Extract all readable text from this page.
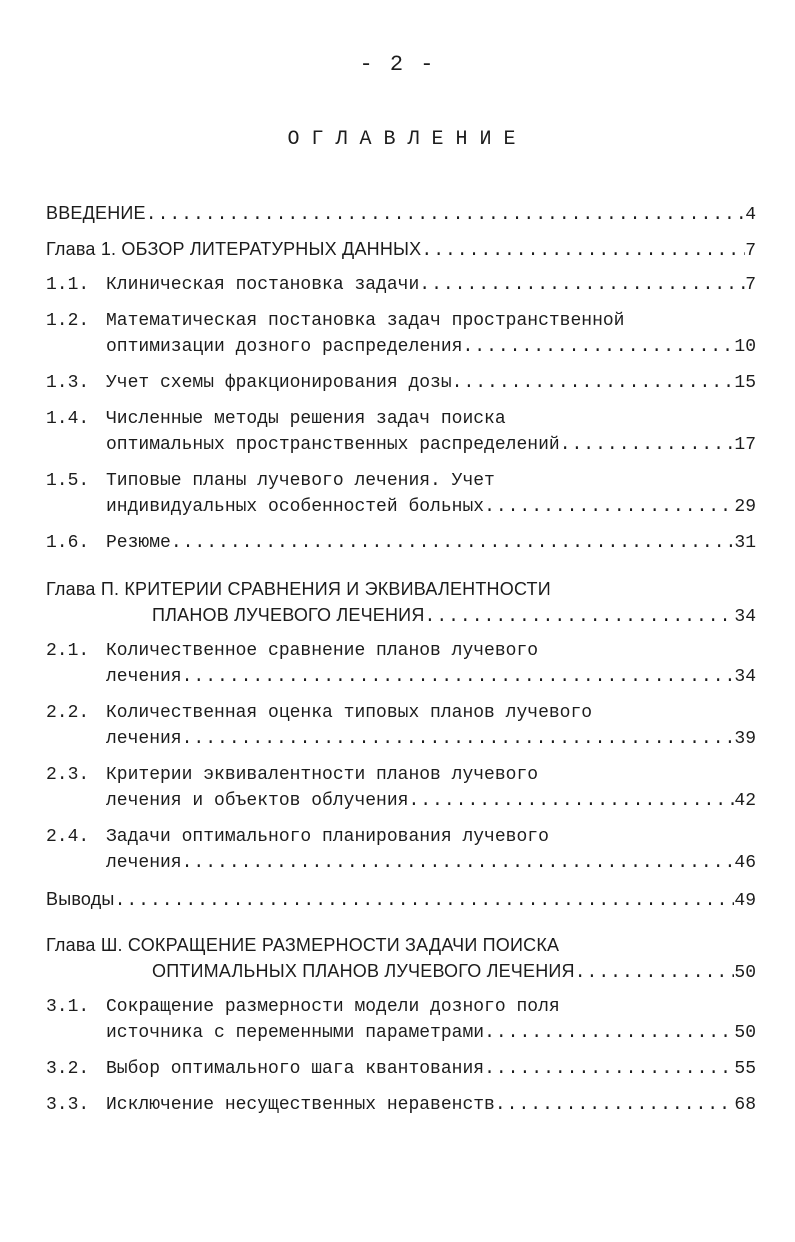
- 2 -
ОГЛАВЛЕНИЕ
ВВЕДЕНИЕ .....	4
Глава 1. ОБЗОР ЛИТЕРАТУРНЫХ ДАННЫХ .....	7
1.1. Клиническая постановка задачи .....	7
1.2. Математическая постановка задач пространственной
оптимизации дозного распределения .....	10
1.3. Учет схемы фракционирования дозы .....	15
1.4. Численные методы решения задач поиска
оптимальных пространственных распределений .....	17
1.5. Типовые планы лучевого лечения. Учет
индивидуальных особенностей больных .....	29
1.6. Резюме .....	31
Глава П. КРИТЕРИИ СРАВНЕНИЯ И ЭКВИВАЛЕНТНОСТИ
ПЛАНОВ ЛУЧЕВОГО ЛЕЧЕНИЯ .....	34
2.1. Количественное сравнение планов лучевого
лечения .....	34
2.2. Количественная оценка типовых планов лучевого
лечения .....	39
2.3. Критерии эквивалентности планов лучевого
лечения и объектов облучения .....	42
2.4. Задачи оптимального планирования лучевого
лечения .....	46
Выводы .....	49
Глава Ш. СОКРАЩЕНИЕ РАЗМЕРНОСТИ ЗАДАЧИ ПОИСКА
ОПТИМАЛЬНЫХ ПЛАНОВ ЛУЧЕВОГО ЛЕЧЕНИЯ .....	50
3.1. Сокращение размерности модели дозного поля
источника с переменными параметрами .....	50
3.2. Выбор оптимального шага квантования .....	55
3.3. Исключение несущественных неравенств .....	68
